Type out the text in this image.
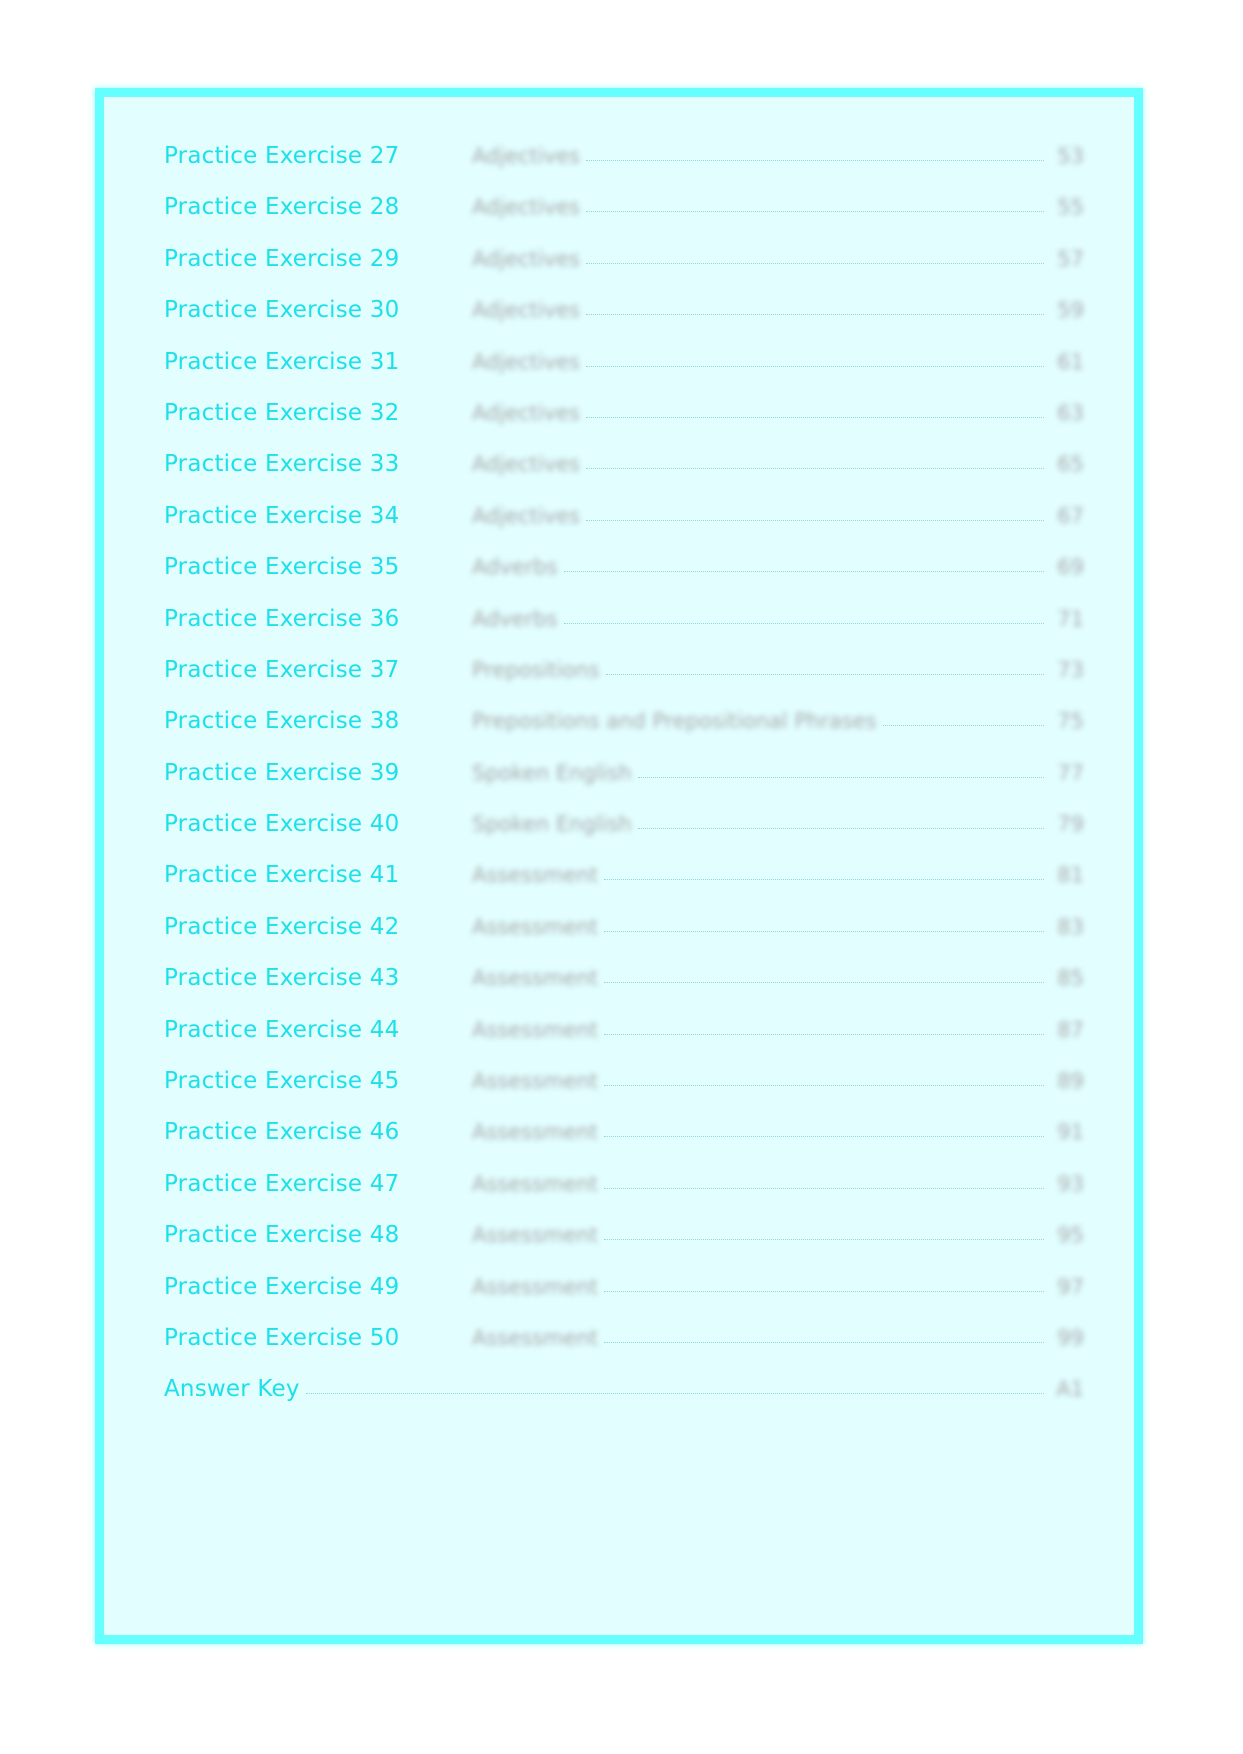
Practice Exercise 27	Adjectives	53
Practice Exercise 28	Adjectives	55
Practice Exercise 29	Adjectives	57
Practice Exercise 30	Adjectives	59
Practice Exercise 31	Adjectives	61
Practice Exercise 32	Adjectives	63
Practice Exercise 33	Adjectives	65
Practice Exercise 34	Adjectives	67
Practice Exercise 35	Adverbs	69
Practice Exercise 36	Adverbs	71
Practice Exercise 37	Prepositions	73
Practice Exercise 38	Prepositions and Prepositional Phrases	75
Practice Exercise 39	Spoken English	77
Practice Exercise 40	Spoken English	79
Practice Exercise 41	Assessment	81
Practice Exercise 42	Assessment	83
Practice Exercise 43	Assessment	85
Practice Exercise 44	Assessment	87
Practice Exercise 45	Assessment	89
Practice Exercise 46	Assessment	91
Practice Exercise 47	Assessment	93
Practice Exercise 48	Assessment	95
Practice Exercise 49	Assessment	97
Practice Exercise 50	Assessment	99
Answer Key	A1
